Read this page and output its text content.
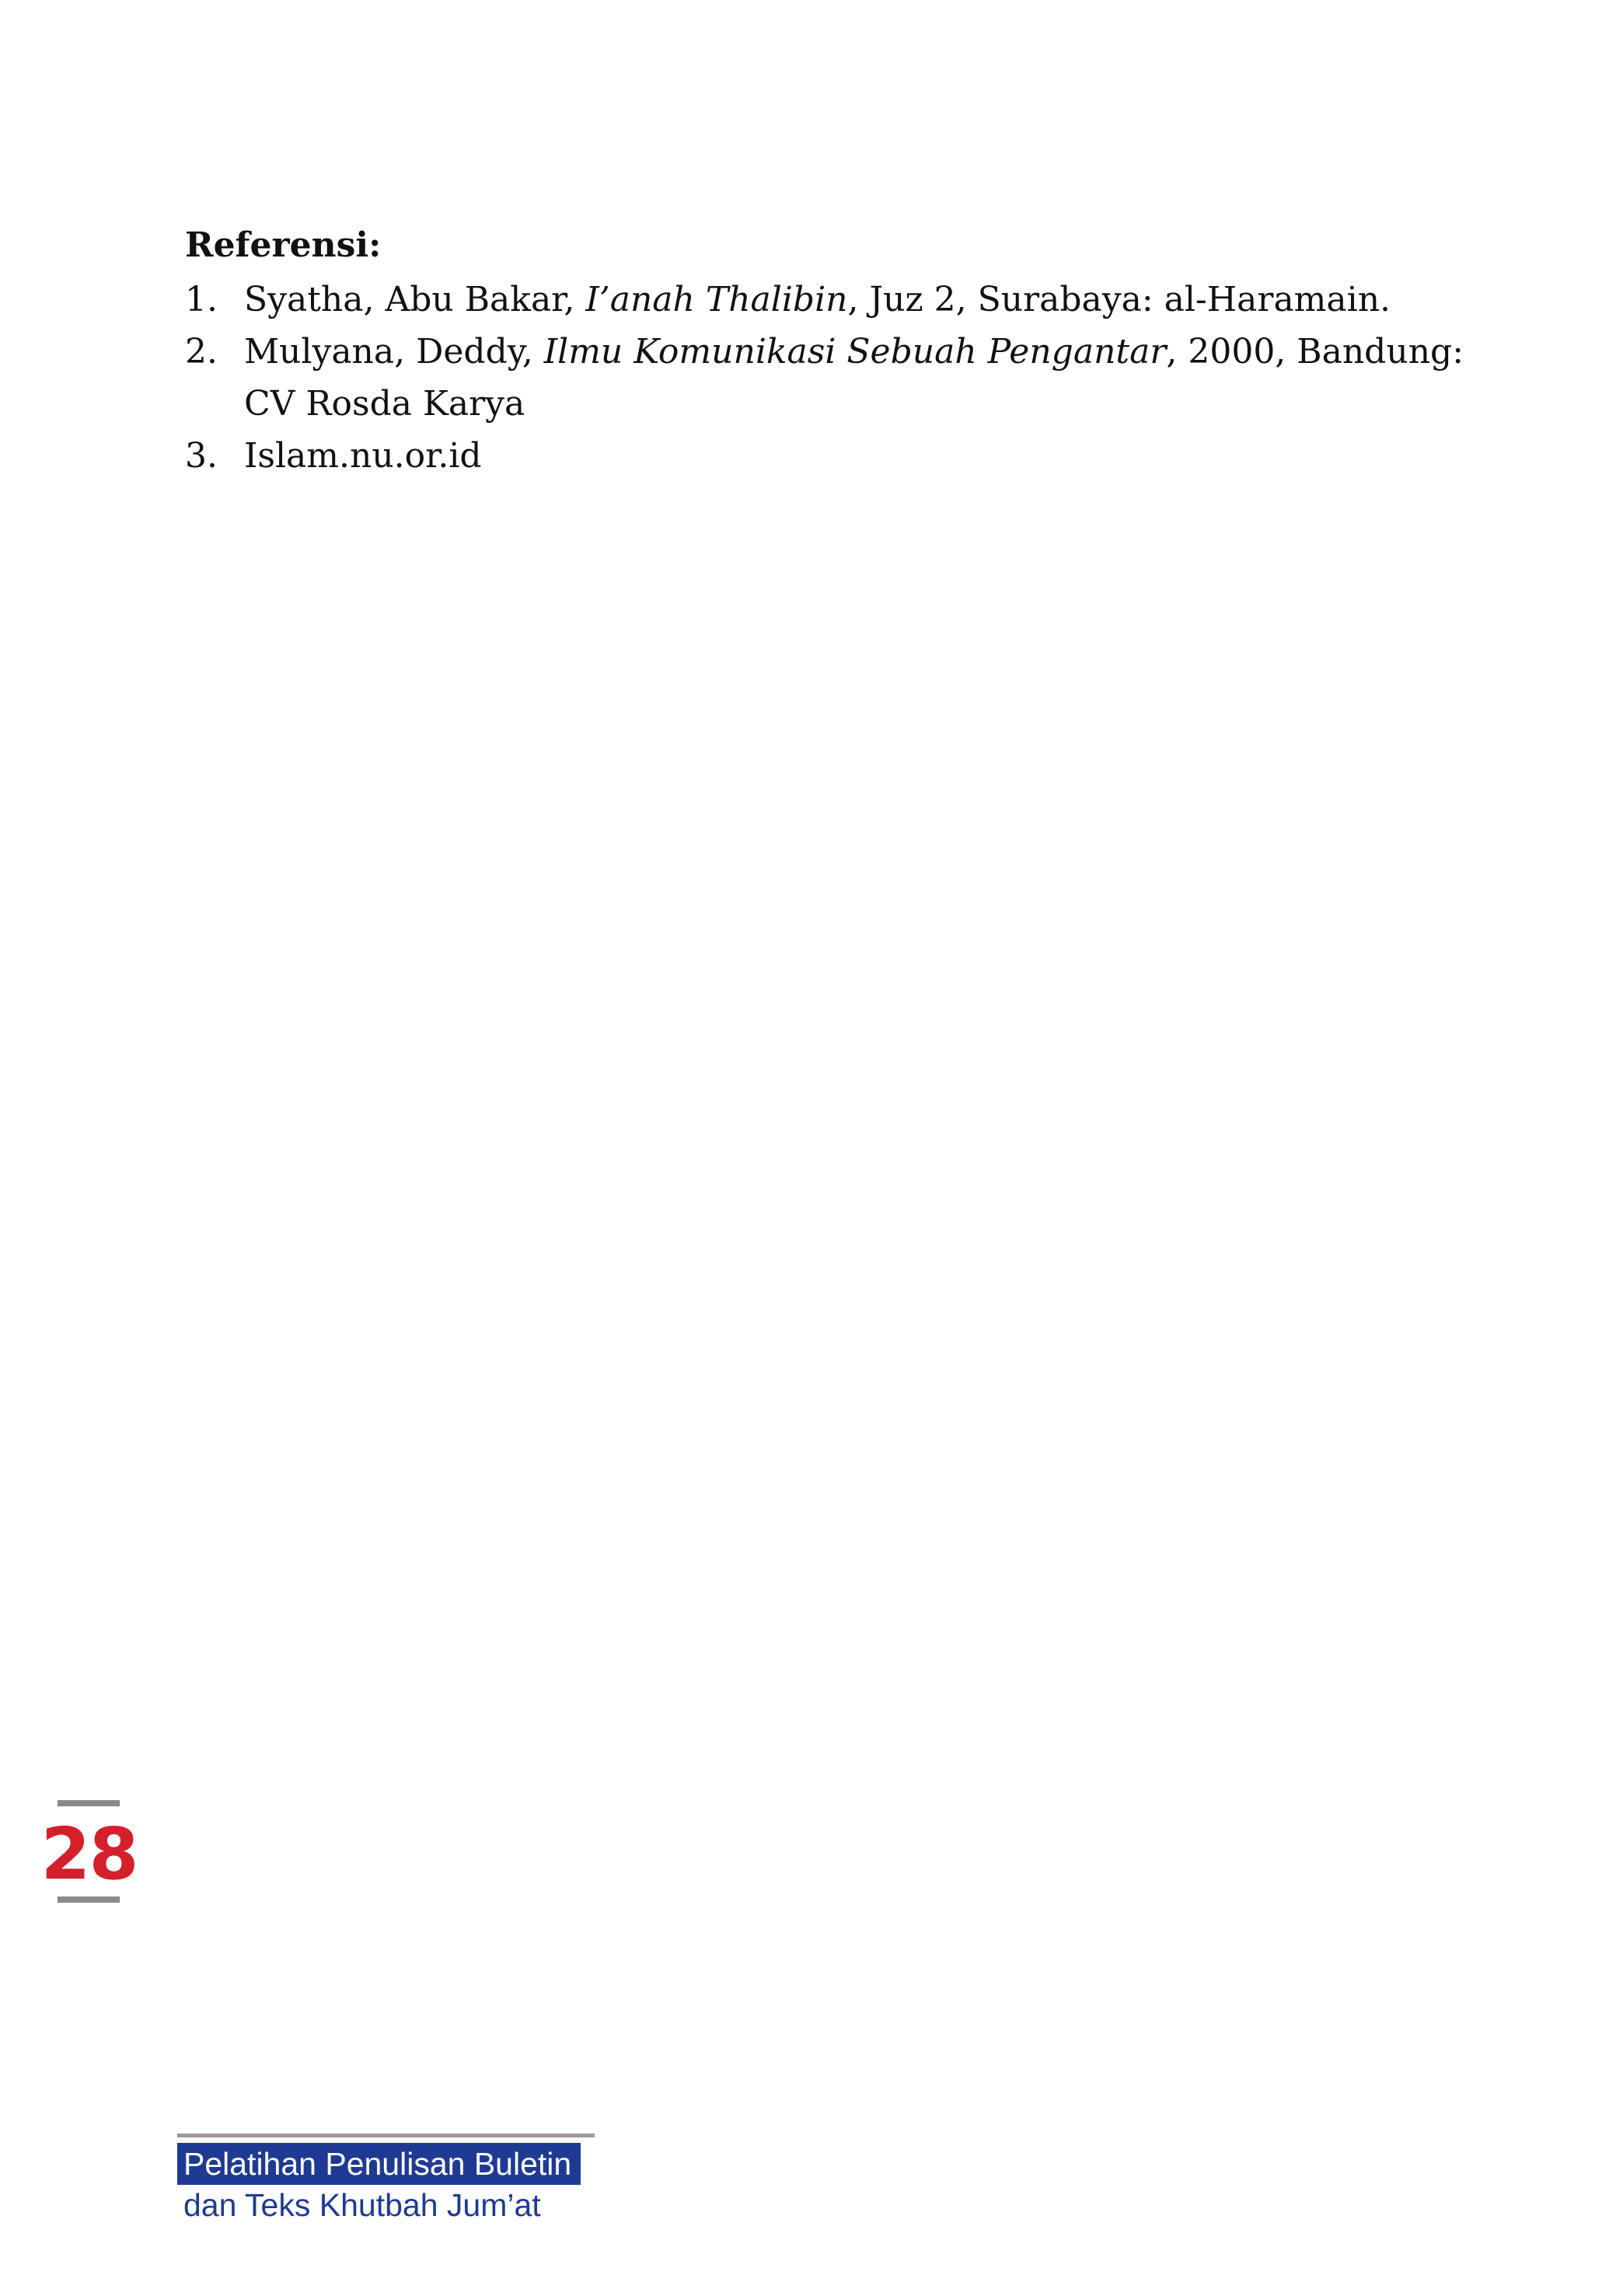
Referensi:
1. Syatha, Abu Bakar, I’anah Thalibin, Juz 2, Surabaya: al-Haramain.
2. Mulyana, Deddy, Ilmu Komunikasi Sebuah Pengantar, 2000, Bandung: CV Rosda Karya
3. Islam.nu.or.id
28
Pelatihan Penulisan Buletin
dan Teks Khutbah Jum’at
